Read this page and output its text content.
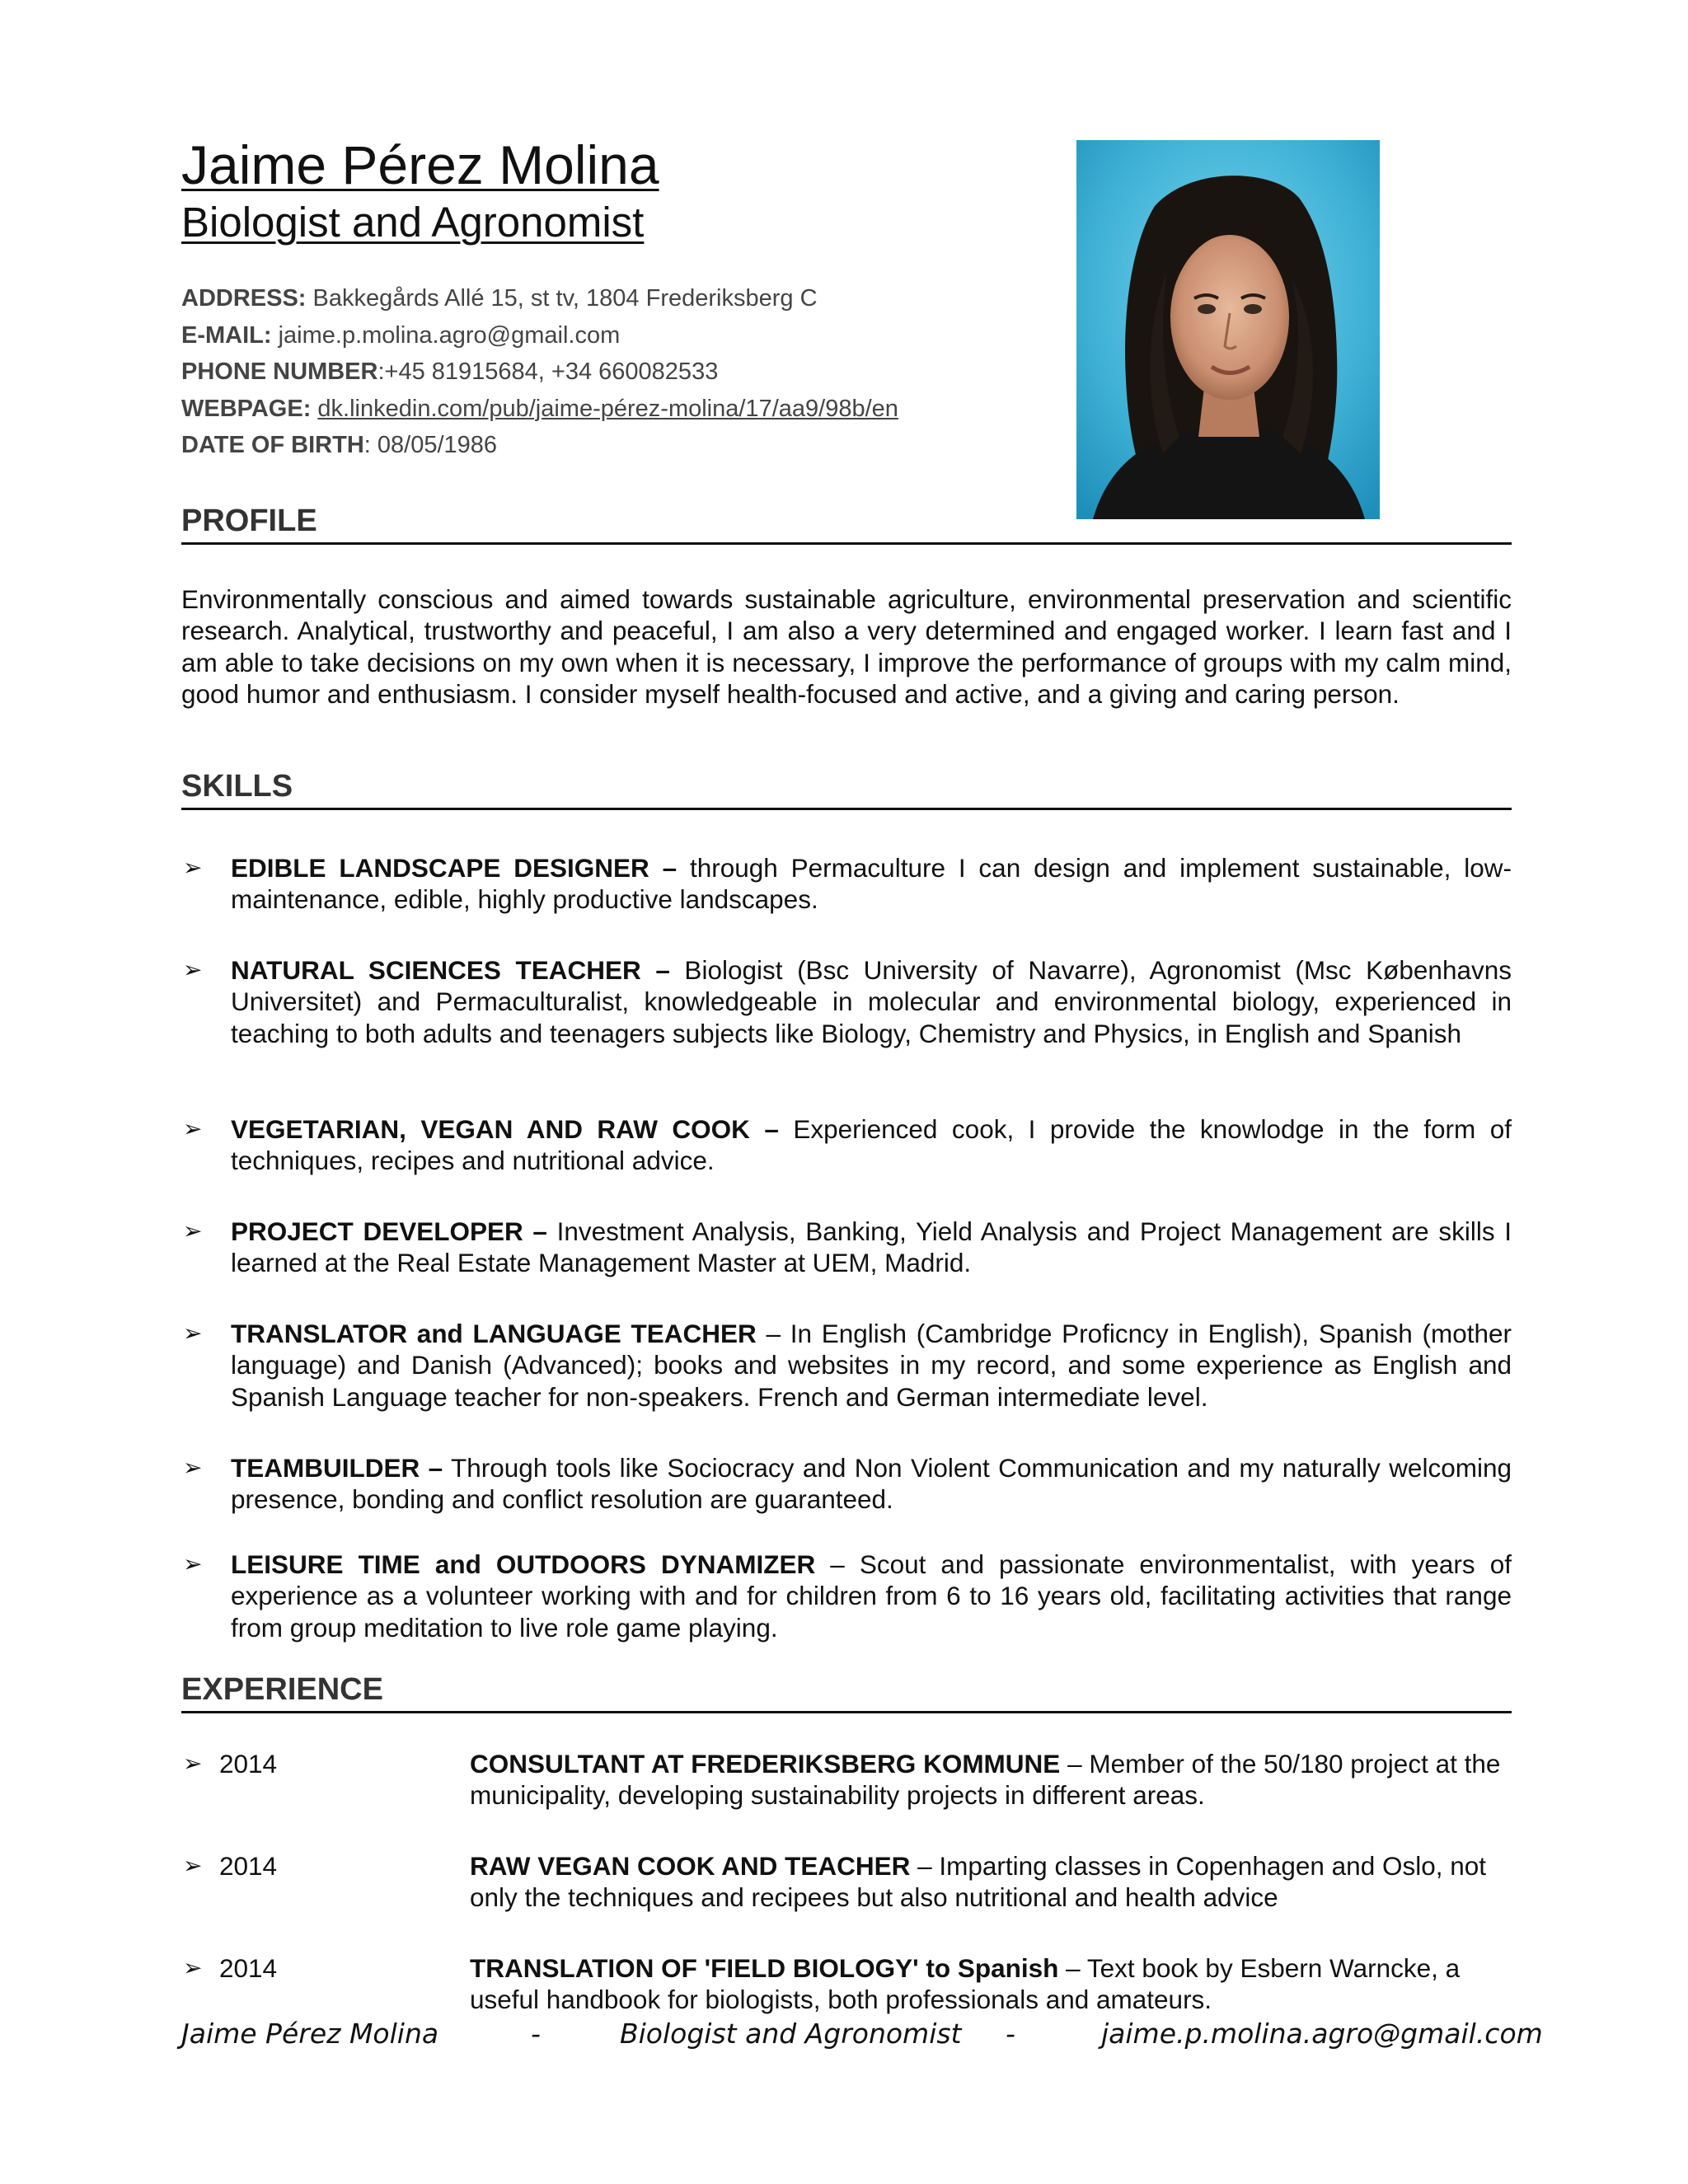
Jaime Pérez Molina
Biologist and Agronomist
ADDRESS: Bakkegårds Allé 15, st tv, 1804 Frederiksberg C
E-MAIL: jaime.p.molina.agro@gmail.com
PHONE NUMBER:+45 81915684, +34 660082533
WEBPAGE: dk.linkedin.com/pub/jaime-pérez-molina/17/aa9/98b/en
DATE OF BIRTH: 08/05/1986
PROFILE
Environmentally conscious and aimed towards sustainable agriculture, environmental preservation and scientific research. Analytical, trustworthy and peaceful, I am also a very determined and engaged worker. I learn fast and I am able to take decisions on my own when it is necessary, I improve the performance of groups with my calm mind, good humor and enthusiasm. I consider myself health-focused and active, and a giving and caring person.
SKILLS
➢ EDIBLE LANDSCAPE DESIGNER – through Permaculture I can design and implement sustainable, low-maintenance, edible, highly productive landscapes.
➢ NATURAL SCIENCES TEACHER – Biologist (Bsc University of Navarre), Agronomist (Msc Københavns Universitet) and Permaculturalist, knowledgeable in molecular and environmental biology, experienced in teaching to both adults and teenagers subjects like Biology, Chemistry and Physics, in English and Spanish
➢ VEGETARIAN, VEGAN AND RAW COOK – Experienced cook, I provide the knowlodge in the form of techniques, recipes and nutritional advice.
➢ PROJECT DEVELOPER – Investment Analysis, Banking, Yield Analysis and Project Management are skills I learned at the Real Estate Management Master at UEM, Madrid.
➢ TRANSLATOR and LANGUAGE TEACHER – In English (Cambridge Proficncy in English), Spanish (mother language) and Danish (Advanced); books and websites in my record, and some experience as English and Spanish Language teacher for non-speakers. French and German intermediate level.
➢ TEAMBUILDER – Through tools like Sociocracy and Non Violent Communication and my naturally welcoming presence, bonding and conflict resolution are guaranteed.
➢ LEISURE TIME and OUTDOORS DYNAMIZER – Scout and passionate environmentalist, with years of experience as a volunteer working with and for children from 6 to 16 years old, facilitating activities that range from group meditation to live role game playing.
EXPERIENCE
➢ 2014	CONSULTANT AT FREDERIKSBERG KOMMUNE – Member of the 50/180 project at the municipality, developing sustainability projects in different areas.
➢ 2014	RAW VEGAN COOK AND TEACHER – Imparting classes in Copenhagen and Oslo, not only the techniques and recipees but also nutritional and health advice
➢ 2014	TRANSLATION OF 'FIELD BIOLOGY' to Spanish – Text book by Esbern Warncke, a useful handbook for biologists, both professionals and amateurs.
Jaime Pérez Molina	-	Biologist and Agronomist -	jaime.p.molina.agro@gmail.com
